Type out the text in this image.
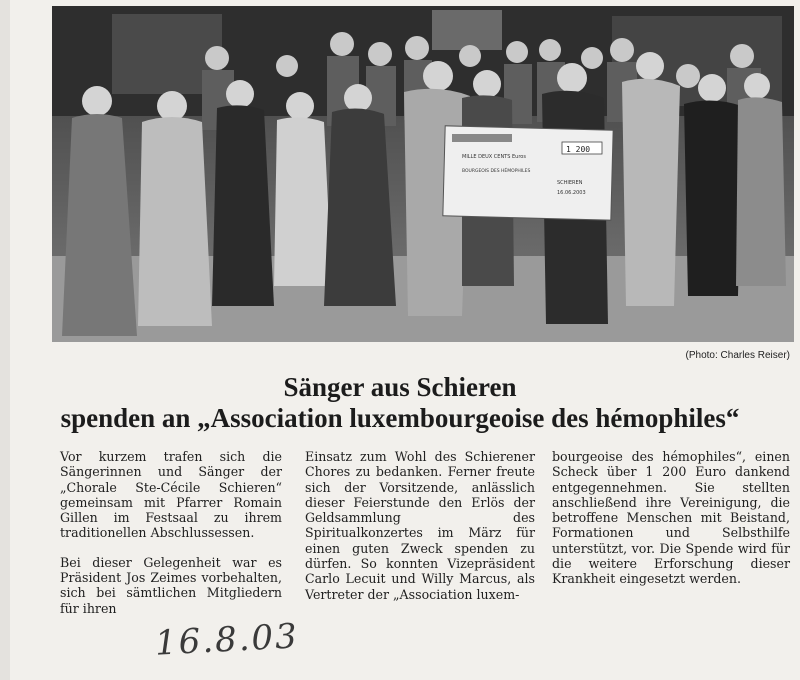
1 200
MILLE DEUX CENTS Euros
BOURGEOIS DES HÉMOPHILES
SCHIEREN
16.06.2003
(Photo: Charles Reiser)
Sänger aus Schieren
spenden an „Association luxembourgeoise des hémophiles“

Vor kurzem trafen sich die Sängerinnen und Sänger der „Chorale Ste-Cécile Schieren“ gemeinsam mit Pfarrer Romain Gillen im Festsaal zu ihrem traditionellen Abschlussessen.

Bei dieser Gelegenheit war es Präsident Jos Zeimes vorbehalten, sich bei sämtlichen Mitgliedern für ihren

Einsatz zum Wohl des Schierener Chores zu bedanken. Ferner freute sich der Vorsitzende, anlässlich dieser Feierstunde den Erlös der Geldsammlung des Spiritualkonzertes im März für einen guten Zweck spenden zu dürfen. So konnten Vizepräsident Carlo Lecuit und Willy Marcus, als Vertreter der „Association luxem-

bourgeoise des hémophiles“, einen Scheck über 1 200 Euro dankend entgegennehmen. Sie stellten anschließend ihre Vereinigung, die betroffene Menschen mit Beistand, Formationen und Selbsthilfe unterstützt, vor. Die Spende wird für die weitere Erforschung dieser Krankheit eingesetzt werden.

16.8.03
